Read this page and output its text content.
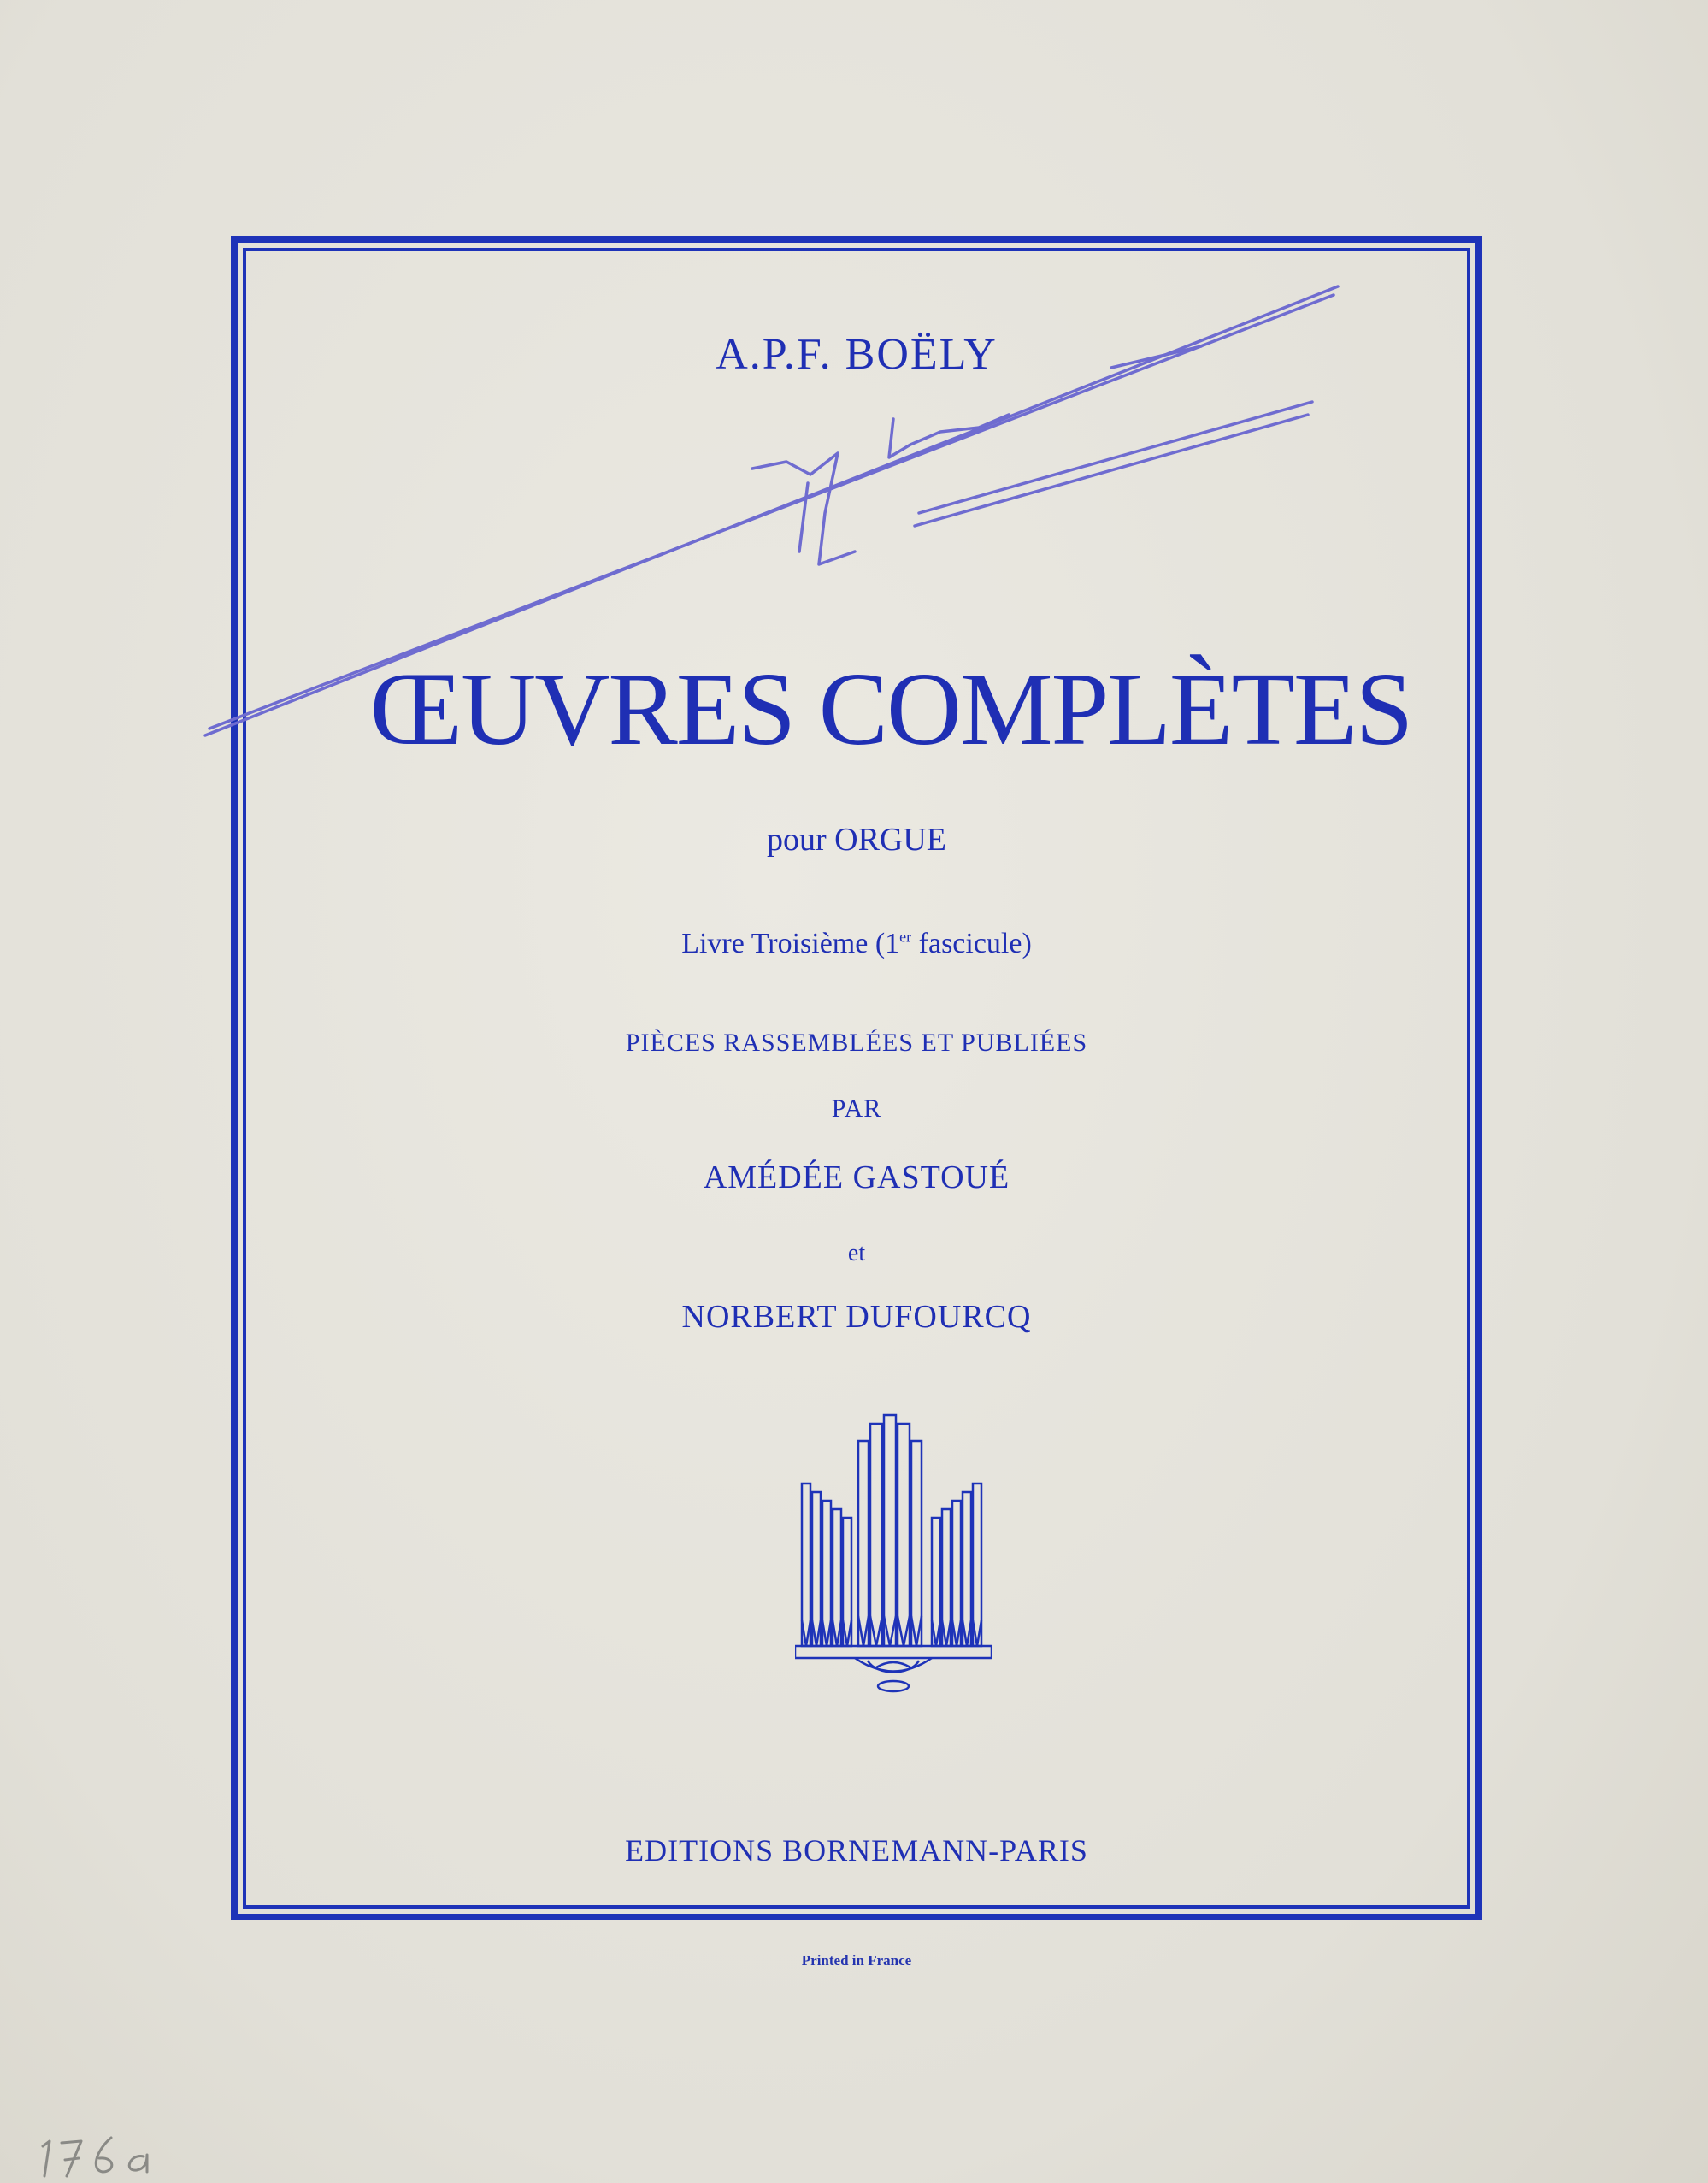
A.P.F. BOËLY

ŒUVRES COMPLÈTES

pour ORGUE

Livre Troisième (1er fascicule)

PIÈCES RASSEMBLÉES ET PUBLIÉES

PAR

AMÉDÉE GASTOUÉ

et

NORBERT DUFOURCQ

EDITIONS BORNEMANN-PARIS

Printed in France
